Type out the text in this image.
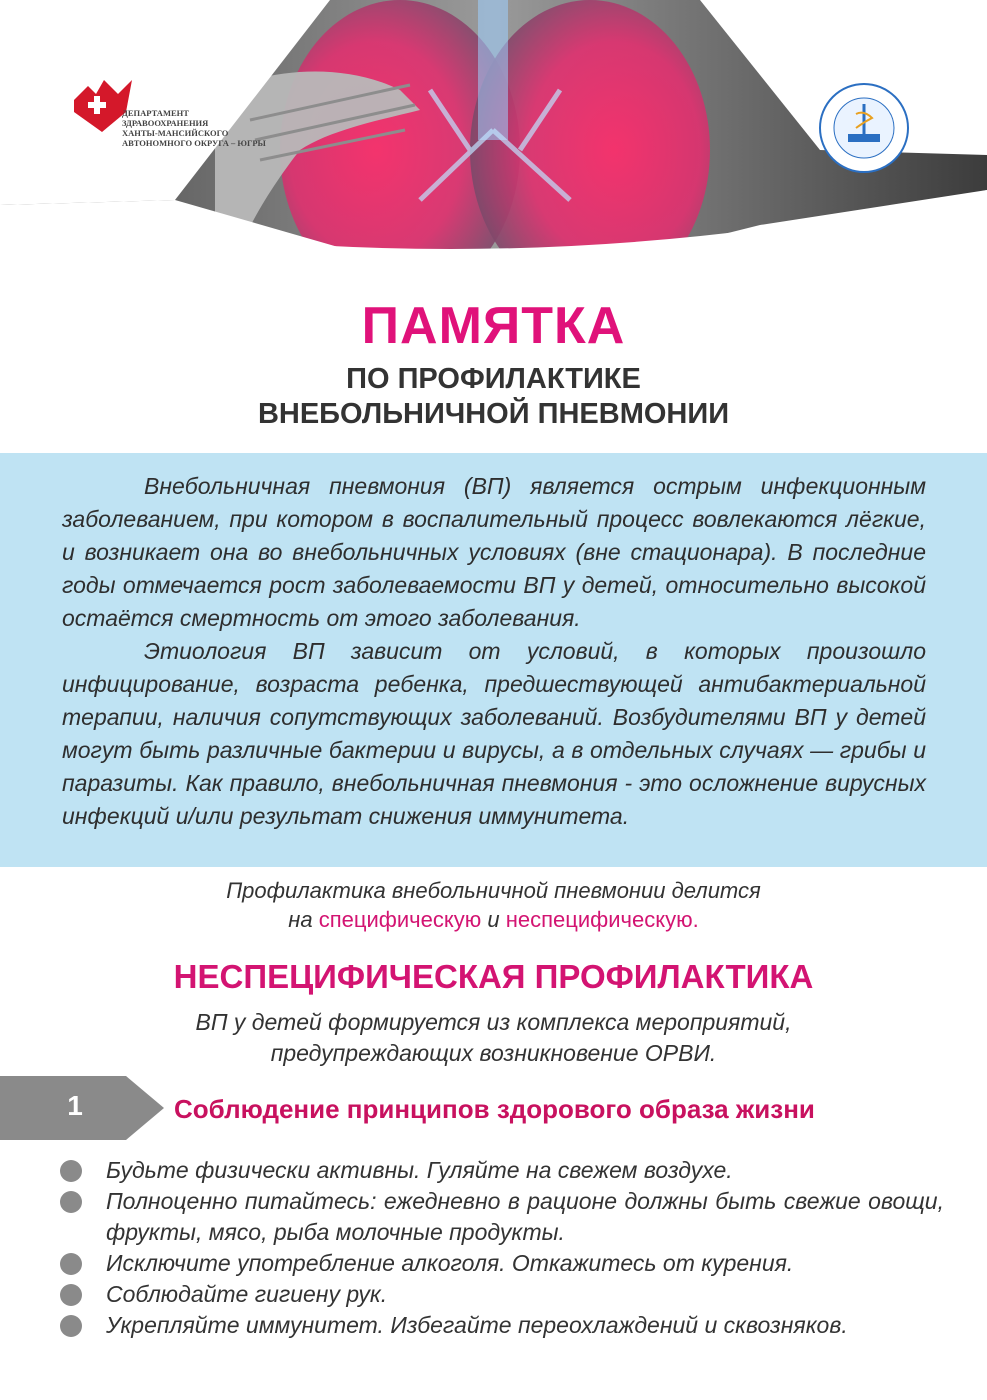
ДЕПАРТАМЕНТ
ЗДРАВООХРАНЕНИЯ
ХАНТЫ-МАНСИЙСКОГО
АВТОНОМНОГО ОКРУГА – ЮГРЫ
ПАМЯТКА
ПО ПРОФИЛАКТИКЕ
ВНЕБОЛЬНИЧНОЙ ПНЕВМОНИИ

Внебольничная пневмония (ВП) является острым инфекционным заболеванием, при котором в воспалительный процесс вовлекаются лёгкие, и возникает она во внебольничных условиях (вне стационара). В последние годы отмечается рост заболеваемости ВП у детей, относительно высокой остаётся смертность от этого заболевания.

Этиология ВП зависит от условий, в которых произошло инфицирование, возраста ребенка, предшествующей антибактериальной терапии, наличия сопутствующих заболеваний. Возбудителями ВП у детей могут быть различные бактерии и вирусы, а в отдельных случаях — грибы и паразиты. Как правило, внебольничная пневмония - это осложнение вирусных инфекций и/или результат снижения иммунитета.

Профилактика внебольничной пневмонии делится
на специфическую и неспецифическую.
НЕСПЕЦИФИЧЕСКАЯ ПРОФИЛАКТИКА
ВП у детей формируется из комплекса мероприятий,
предупреждающих возникновение ОРВИ.
1	Соблюдение принципов здорового образа жизни
Будьте физически активны. Гуляйте на свежем воздухе.
Полноценно питайтесь: ежедневно в рационе должны быть свежие овощи, фрукты, мясо, рыба молочные продукты.
Исключите употребление алкоголя. Откажитесь от курения.
Соблюдайте гигиену рук.
Укрепляйте иммунитет. Избегайте переохлаждений и сквозняков.
